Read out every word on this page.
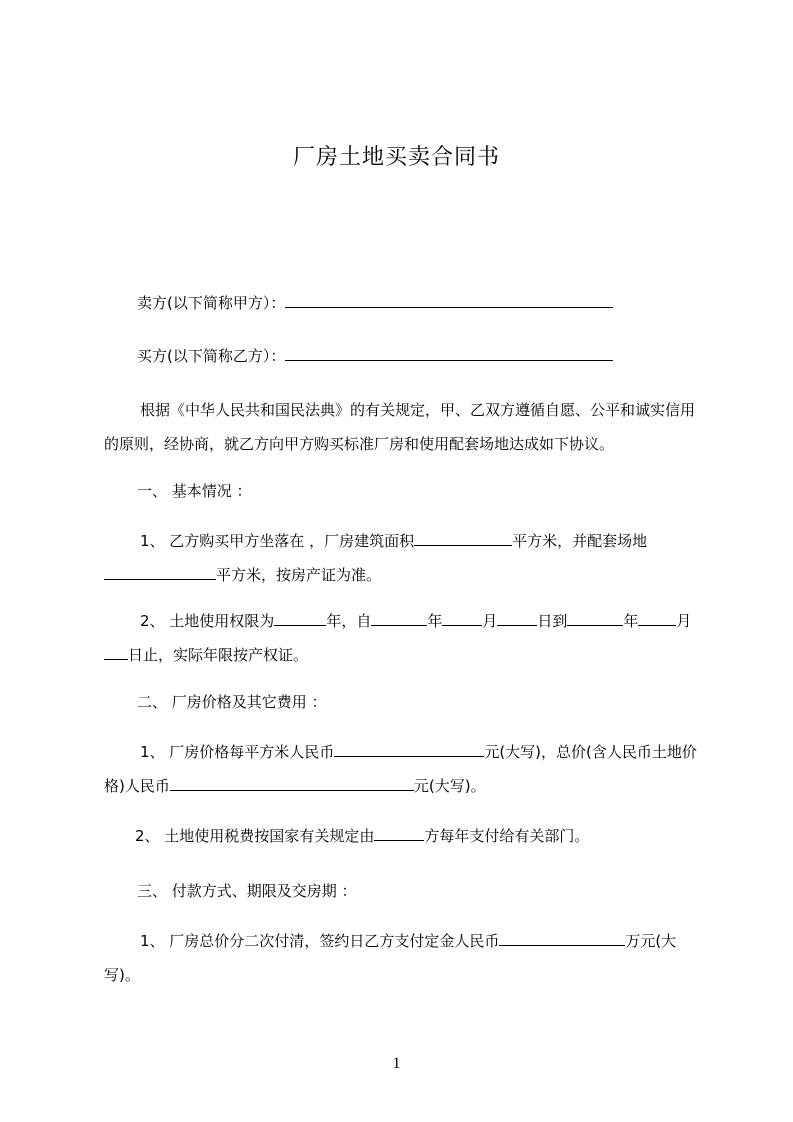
厂房土地买卖合同书
卖方(以下简称甲方）：
买方(以下简称乙方）：
根据《中华人民共和国民法典》的有关规定，甲、乙双方遵循自愿、公平和诚实信用的原则，经协商，就乙方向甲方购买标准厂房和使用配套场地达成如下协议。
一、 基本情况 ：
1、 乙方购买甲方坐落在 ，厂房建筑面积	平方米，并配套场地平方米，按房产证为准。
2、 土地使用权限为	年，自	年	月	日到	年	月日止，实际年限按产权证。
二、 厂房价格及其它费用 ：
1、 厂房价格每平方米人民币	元(大写)，总价(含人民币土地价格)人民币	元(大写)。
2、 土地使用税费按国家有关规定由	方每年支付给有关部门。
三、 付款方式、期限及交房期 ：
1、 厂房总价分二次付清，签约日乙方支付定金人民币	万元(大写)。
1
